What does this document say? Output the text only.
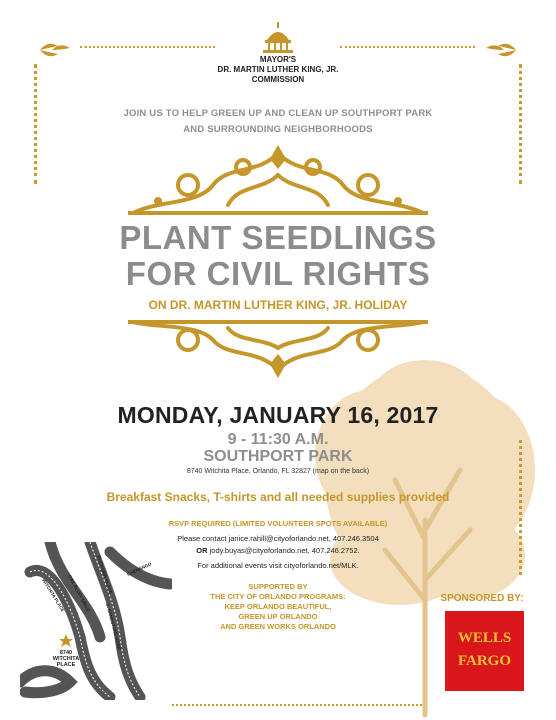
MAYOR'S
DR. MARTIN LUTHER KING, JR.
COMMISSION
JOIN US TO HELP GREEN UP AND CLEAN UP SOUTHPORT PARK
AND SURROUNDING NEIGHBORHOODS
PLANT SEEDLINGS
FOR CIVIL RIGHTS
ON DR. MARTIN LUTHER KING, JR. HOLIDAY
MONDAY, JANUARY 16, 2017
9 - 11:30 A.M.
SOUTHPORT PARK
8740 Witchita Place, Orlando, FL 32827 (map on the back)
Breakfast Snacks, T-shirts and all needed supplies provided
RSVP REQUIRED (LIMITED VOLUNTEER SPOTS AVAILABLE)
Please contact janice.rahill@cityoforlando.net, 407.246.3504
OR jody.buyas@cityoforlando.net, 407.246.2752.
For additional events visit cityoforlando.net/MLK.
SUPPORTED BY
THE CITY OF ORLANDO PROGRAMS:
KEEP ORLANDO BEAUTIFUL,
GREEN UP ORLANDO
AND GREEN WORKS ORLANDO
SPONSORED BY:
WELLS
FARGO
WITCHITA PLACE OAK BLUFF DRIVE BUCKSKIN PLACE
S. SANDSTONE ROAD
CHENANGO
8740
WITCHITA
PLACE
